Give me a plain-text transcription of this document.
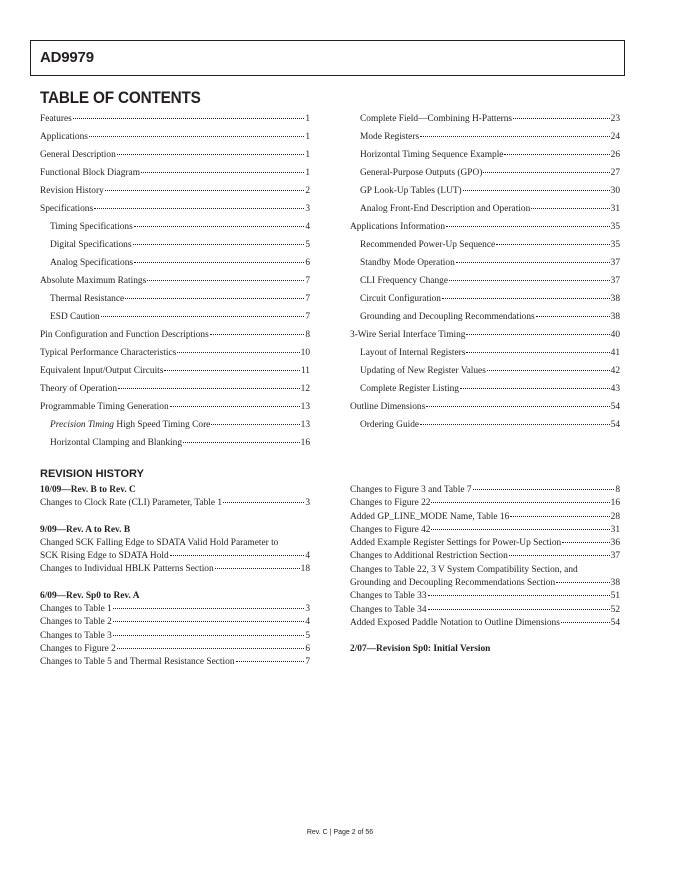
AD9979
TABLE OF CONTENTS
Features	1
Applications	1
General Description	1
Functional Block Diagram	1
Revision History	2
Specifications	3
Timing Specifications	4
Digital Specifications	5
Analog Specifications	6
Absolute Maximum Ratings	7
Thermal Resistance	7
ESD Caution	7
Pin Configuration and Function Descriptions	8
Typical Performance Characteristics	10
Equivalent Input/Output Circuits	11
Theory of Operation	12
Programmable Timing Generation	13
Precision Timing High Speed Timing Core	13
Horizontal Clamping and Blanking	16
Complete Field—Combining H-Patterns	23
Mode Registers	24
Horizontal Timing Sequence Example	26
General-Purpose Outputs (GPO)	27
GP Look-Up Tables (LUT)	30
Analog Front-End Description and Operation	31
Applications Information	35
Recommended Power-Up Sequence	35
Standby Mode Operation	37
CLI Frequency Change	37
Circuit Configuration	38
Grounding and Decoupling Recommendations	38
3-Wire Serial Interface Timing	40
Layout of Internal Registers	41
Updating of New Register Values	42
Complete Register Listing	43
Outline Dimensions	54
Ordering Guide	54
REVISION HISTORY
10/09—Rev. B to Rev. C
Changes to Clock Rate (CLI) Parameter, Table 1	3
9/09—Rev. A to Rev. B
Changed SCK Falling Edge to SDATA Valid Hold Parameter to
SCK Rising Edge to SDATA Hold	4
Changes to Individual HBLK Patterns Section	18
6/09—Rev. Sp0 to Rev. A
Changes to Table 1	3
Changes to Table 2	4
Changes to Table 3	5
Changes to Figure 2	6
Changes to Table 5 and Thermal Resistance Section	7
Changes to Figure 3 and Table 7	8
Changes to Figure 22	16
Added GP_LINE_MODE Name, Table 16	28
Changes to Figure 42	31
Added Example Register Settings for Power-Up Section	36
Changes to Additional Restriction Section	37
Changes to Table 22, 3 V System Compatibility Section, and
Grounding and Decoupling Recommendations Section	38
Changes to Table 33	51
Changes to Table 34	52
Added Exposed Paddle Notation to Outline Dimensions	54
2/07—Revision Sp0: Initial Version
Rev. C | Page 2 of 56
